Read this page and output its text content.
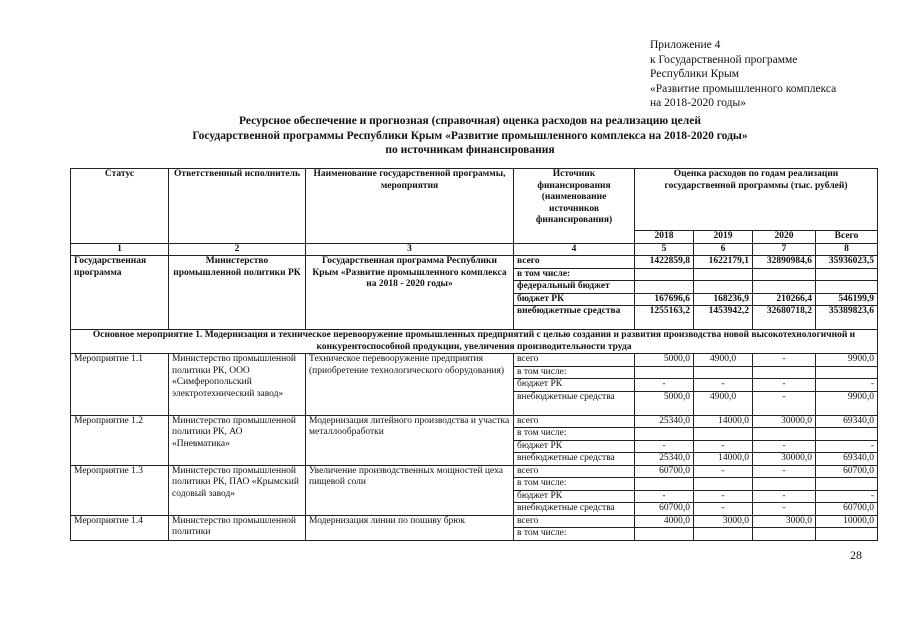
Приложение 4
к Государственной программе
Республики Крым
«Развитие промышленного комплекса
на 2018-2020 годы»
Ресурсное обеспечение и прогнозная (справочная) оценка расходов на реализацию целей
Государственной программы Республики Крым «Развитие промышленного комплекса на 2018-2020 годы»
по источникам финансирования
Статус	Ответственный исполнитель	Наименование государственной программы, мероприятия	Источник финансирования (наименование источников финансирования)	Оценка расходов по годам реализации государственной программы (тыс. рублей)			
				2018	2019	2020	Всего
1	2	3	4	5	6	7	8
Государственная программа	Министерство промышленной политики РК	Государственная программа Республики Крым «Развитие промышленного комплекса на 2018 - 2020 годы»	всего	1422859,8	1622179,1	32890984,6	35936023,5
			в том числе:				
			федеральный бюджет				
			бюджет РК	167696,6	168236,9	210266,4	546199,9
			внебюджетные средства	1255163,2	1453942,2	32680718,2	35389823,6
Основное мероприятие 1. Модернизация и техническое перевооружение промышленных предприятий с целью создания и развития производства новой высокотехнологичной и конкурентоспособной продукции, увеличения производительности труда							
Мероприятие 1.1	Министерство промышленной политики РК, ООО «Симферопольский электротехнический завод»	Техническое перевооружение предприятия (приобретение технологического оборудования)	всего	5000,0	4900,0	-	9900,0
			в том числе:				
			бюджет РК	-	-	-	-
			внебюджетные средства	5000,0	4900,0	-	9900,0
Мероприятие 1.2	Министерство промышленной политики РК, АО «Пневматика»	Модернизация литейного производства и участка металлообработки	всего	25340,0	14000,0	30000,0	69340,0
			в том числе:				
			бюджет РК	-	-	-	-
			внебюджетные средства	25340,0	14000,0	30000,0	69340,0
Мероприятие 1.3	Министерство промышленной политики РК, ПАО «Крымский содовый завод»	Увеличение производственных мощностей цеха пищевой соли	всего	60700,0	-	-	60700,0
			в том числе:				
			бюджет РК	-	-	-	-
			внебюджетные средства	60700,0	-	-	60700,0
Мероприятие 1.4	Министерство промышленной политики	Модернизация линии по пошиву брюк	всего	4000,0	3000,0	3000,0	10000,0
			в том числе:				
28
